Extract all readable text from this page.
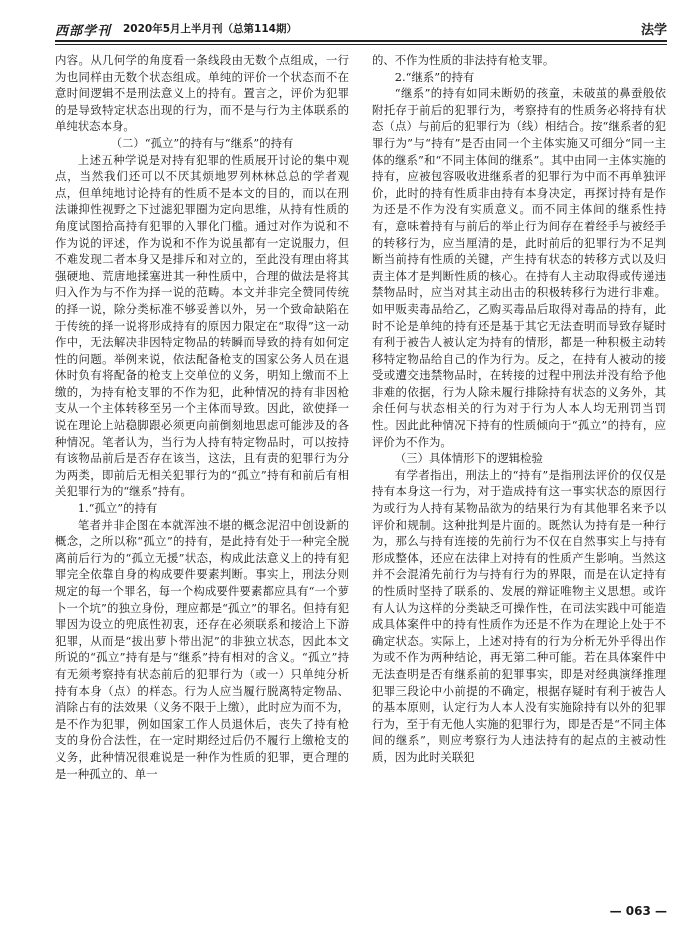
西部学刊 2020年5月上半月刊（总第114期）	法学

内容。从几何学的角度看一条线段由无数个点组成，一行为也同样由无数个状态组成。单纯的评价一个状态而不在意时间逻辑不是刑法意义上的持有。置言之，评价为犯罪的是导致特定状态出现的行为，而不是与行为主体联系的单纯状态本身。

（二）“孤立”的持有与“继系”的持有

上述五种学说是对持有犯罪的性质展开讨论的集中观点，当然我们还可以不厌其烦地罗列林林总总的学者观点，但单纯地讨论持有的性质不是本文的目的，而以在刑法谦抑性视野之下过滤犯罪圈为定向思维，从持有性质的角度试图拾高持有犯罪的入罪化门槛。通过对作为说和不作为说的评述，作为说和不作为说虽都有一定说服力，但不难发现二者本身又是排斥和对立的，至此没有理由将其强硬地、荒唐地揉塞进其一种性质中，合理的做法是将其归入作为与不作为择一说的范畴。本文并非完全赞同传统的择一说，除分类标准不够妥善以外，另一个致命缺陷在于传统的择一说将形成持有的原因力限定在“取得”这一动作中，无法解决非因特定物品的转瞬而导致的持有如何定性的问题。举例来说，依法配备枪支的国家公务人员在退休时负有将配备的枪支上交单位的义务，明知上缴而不上缴的，为持有枪支罪的不作为犯，此种情况的持有非因枪支从一个主体转移至另一个主体而导致。因此，欲使择一说在理论上站稳脚跟必须更向前倒刻地思虑可能涉及的各种情况。笔者认为，当行为人持有特定物品时，可以按持有该物品前后是否存在该当，这法，且有责的犯罪行为分为两类，即前后无相关犯罪行为的“孤立”持有和前后有相关犯罪行为的“继系”持有。

1.“孤立”的持有

笔者并非企图在本就浑浊不堪的概念泥沼中创设新的概念，之所以称“孤立”的持有，是此持有处于一种完全脱离前后行为的“孤立无援”状态，构成此法意义上的持有犯罪完全依靠自身的构成要件要素判断。事实上，刑法分则规定的每一个罪名，每一个构成要件要素都应具有“一个萝卜一个坑”的独立身份，理应都是“孤立”的罪名。但持有犯罪因为设立的兜底性初衷，还存在必须联系和接洽上下游犯罪，从而是“拔出萝卜带出泥”的非独立状态，因此本文所说的“孤立”持有是与“继系”持有相对的含义。“孤立”持有无须考察持有状态前后的犯罪行为（或一）只单纯分析持有本身（点）的样态。行为人应当履行脱离特定物品、消除占有的法效果（义务不限于上缴），此时应为而不为，是不作为犯罪，例如国家工作人员退休后，丧失了持有枪支的身份合法性，在一定时期经过后仍不履行上缴枪支的义务，此种情况很难说是一种作为性质的犯罪，更合理的是一种孤立的、单一

的、不作为性质的非法持有枪支罪。

2.“继系”的持有

“继系”的持有如同未断奶的孩童，未破茧的鼻蚕般依附托存于前后的犯罪行为，考察持有的性质务必将持有状态（点）与前后的犯罪行为（线）相结合。按“继系者的犯罪行为”与“持有”是否由同一个主体实施又可细分“同一主体的继系”和“不同主体间的继系”。其中由同一主体实施的持有，应被包容吸收进继系者的犯罪行为中而不再单独评价，此时的持有性质非由持有本身决定，再探讨持有是作为还是不作为没有实质意义。而不同主体间的继系性持有，意味着持有与前后的举止行为间存在着经手与被经手的转移行为，应当厘清的是，此时前后的犯罪行为不足判断当前持有性质的关键，产生持有状态的转移方式以及归责主体才是判断性质的核心。在持有人主动取得或传递违禁物品时，应当对其主动出击的积极转移行为进行非难。如甲贩卖毒品给乙，乙购买毒品后取得对毒品的持有，此时不论是单纯的持有还是基于其它无法查明而导致存疑时有利于被告人被认定为持有的情形，都是一种积极主动转移特定物品给自己的作为行为。反之，在持有人被动的接受或遭交违禁物品时，在转接的过程中刑法并没有给予他非难的依据，行为人除未履行排除持有状态的义务外，其余任何与状态相关的行为对于行为人本人均无刑罚当罚性。因此此种情况下持有的性质倾向于“孤立”的持有，应评价为不作为。

（三）具体情形下的逻辑检验

有学者指出，刑法上的“持有”是指刑法评价的仅仅是持有本身这一行为，对于造成持有这一事实状态的原因行为或行为人持有某物品欲为的结果行为有其他罪名来予以评价和规制。这种批判是片面的。既然认为持有是一种行为，那么与持有连接的先前行为不仅在自然事实上与持有形成整体，还应在法律上对持有的性质产生影响。当然这并不会混淆先前行为与持有行为的界限，而是在认定持有的性质时坚持了联系的、发展的辩证唯物主义思想。或许有人认为这样的分类缺乏可操作性，在司法实践中可能造成具体案件中的持有性质作为还是不作为在理论上处于不确定状态。实际上，上述对持有的行为分析无外乎得出作为或不作为两种结论，再无第二种可能。若在具体案件中无法查明是否有继系前的犯罪事实，即是对经典演绎推理犯罪三段论中小前提的不确定，根据存疑时有利于被告人的基本原则，认定行为人本人没有实施除持有以外的犯罪行为，至于有无他人实施的犯罪行为，即是否是“不同主体间的继系”，则应考察行为人违法持有的起点的主被动性质，因为此时关联犯

— 063 —
